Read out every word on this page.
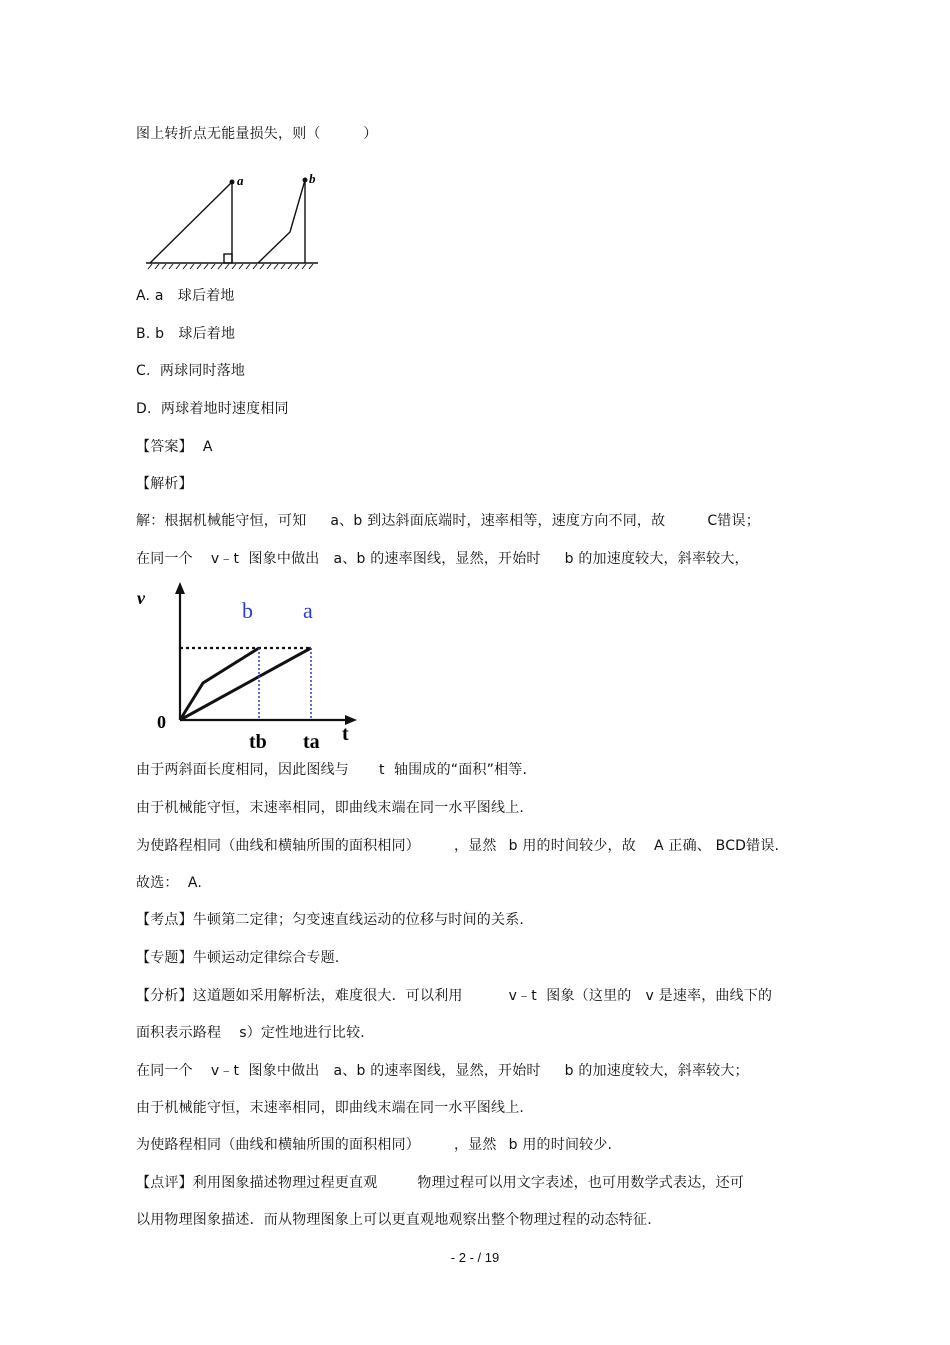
图上转折点无能量损失，则（　　　）
a	b
A. a　球后着地
B. b　球后着地
C.  两球同时落地
D.  两球着地时速度相同
【答案】 A
【解析】
解：根据机械能守恒，可知 a、b 到达斜面底端时，速率相等，速度方向不同，故	C错误；
在同一个 v﹣t  图象中做出 a、b 的速率图线，显然，开始时 b 的加速度较大，斜率较大，
v
0
t
b a
tb ta
由于两斜面长度相同，因此图线与 t  轴围成的“面积”相等.
由于机械能守恒，末速率相同，即曲线末端在同一水平图线上.
为使路程相同（曲线和横轴所围的面积相同） ，显然 b 用的时间较少，故 A 正确、 BCD错误.
故选：  A.
【考点】牛顿第二定律；匀变速直线运动的位移与时间的关系.
【专题】牛顿运动定律综合专题.
【分析】这道题如采用解析法，难度很大．可以利用	v﹣t  图象（这里的 v 是速率，曲线下的
面积表示路程 s）定性地进行比较.
在同一个 v﹣t  图象中做出 a、b 的速率图线，显然，开始时 b 的加速度较大，斜率较大；
由于机械能守恒，末速率相同，即曲线末端在同一水平图线上.
为使路程相同（曲线和横轴所围的面积相同） ，显然 b 用的时间较少.
【点评】利用图象描述物理过程更直观	物理过程可以用文字表述，也可用数学式表达，还可
以用物理图象描述．而从物理图象上可以更直观地观察出整个物理过程的动态特征.
- 2 - / 19
